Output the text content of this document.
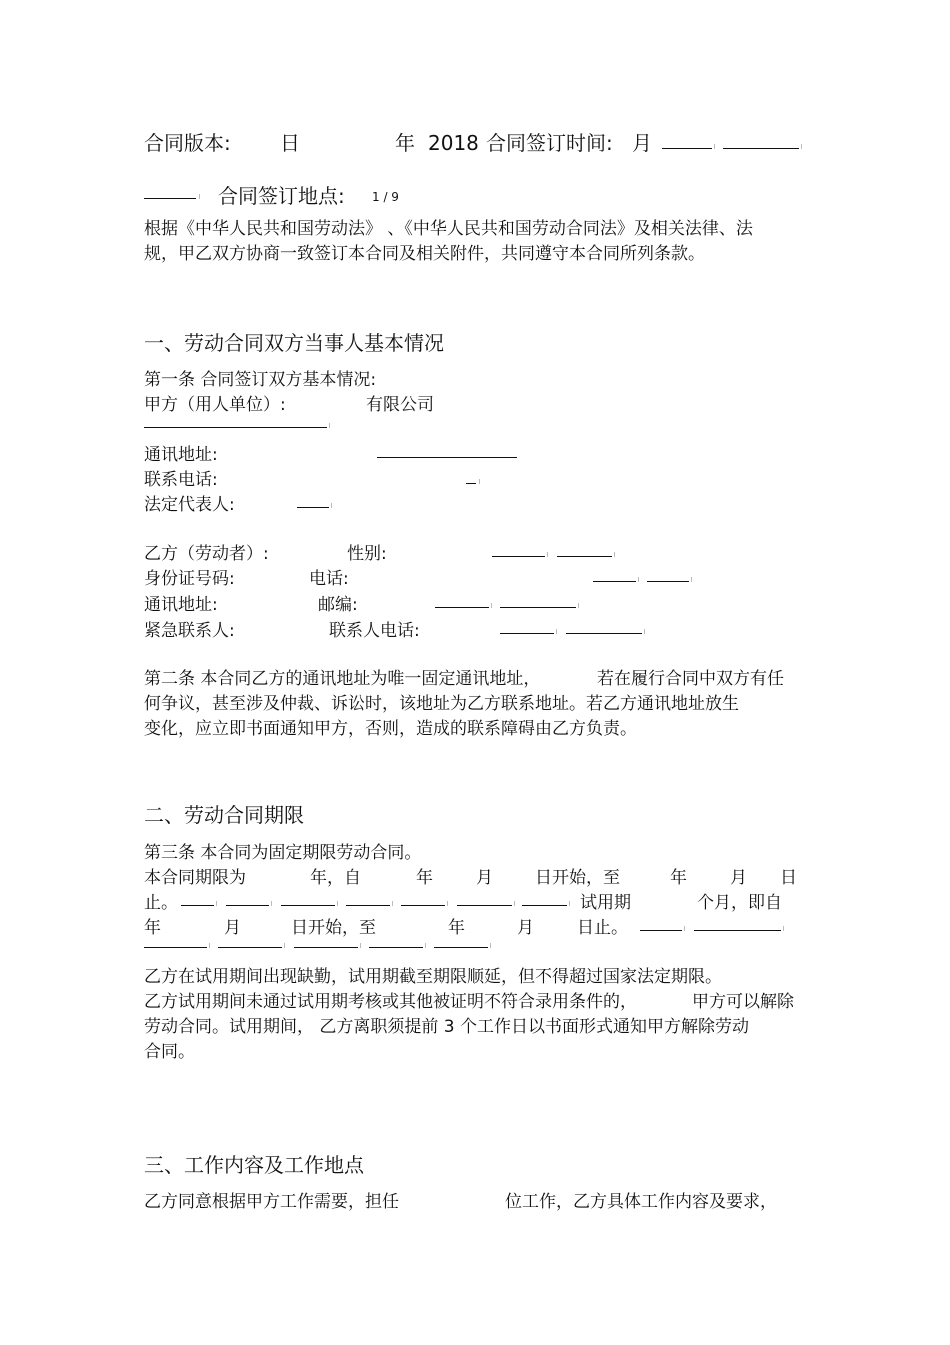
合同版本: 日	年 2018 合同签订时间: 月
合同签订地点: 1 / 9
根据《中华人民共和国劳动法》 、《中华人民共和国劳动合同法》及相关法律、法
规，甲乙双方协商一致签订本合同及相关附件，共同遵守本合同所列条款。
一、劳动合同双方当事人基本情况
第一条 合同签订双方基本情况:
甲方（用人单位）:	有限公司
通讯地址:
联系电话:
法定代表人:
乙方（劳动者）:	性别:
身份证号码:	电话:
通讯地址:	邮编:
紧急联系人:	联系人电话:
第二条 本合同乙方的通讯地址为唯一固定通讯地址，	若在履行合同中双方有任
何争议，甚至涉及仲裁、诉讼时，该地址为乙方联系地址。若乙方通讯地址放生
变化，应立即书面通知甲方，否则，造成的联系障碍由乙方负责。
二、劳动合同期限
第三条 本合同为固定期限劳动合同。
本合同期限为	年，自	年	月 日开始，至	年	月 日
止。	试用期	个月，即自
年	月	日开始，至	年	月	日止。
乙方在试用期间出现缺勤，试用期截至期限顺延，但不得超过国家法定期限。
乙方试用期间未通过试用期考核或其他被证明不符合录用条件的，	甲方可以解除
劳动合同。试用期间， 乙方离职须提前 3 个工作日以书面形式通知甲方解除劳动
合同。
三、工作内容及工作地点
乙方同意根据甲方工作需要，担任	位工作，乙方具体工作内容及要求，
